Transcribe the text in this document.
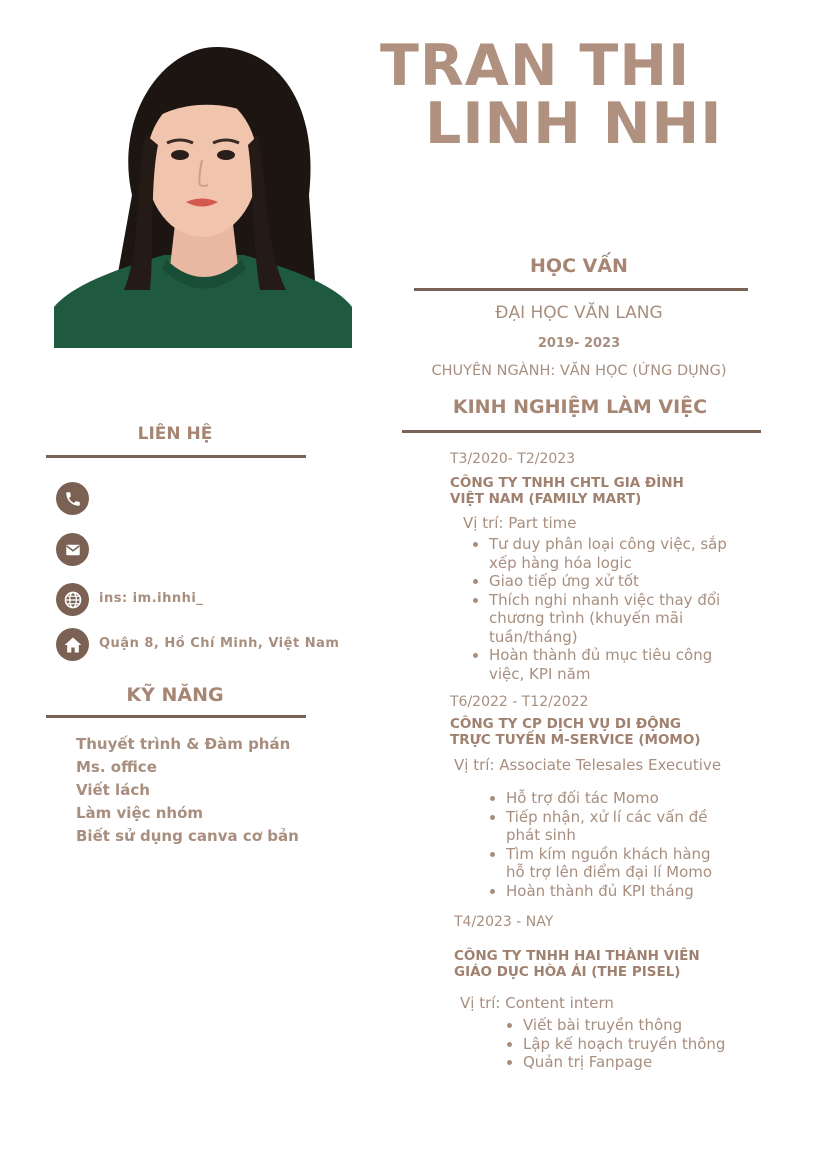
TRAN THI
LINH NHI
HỌC VẤN
ĐẠI HỌC VĂN LANG
2019- 2023
CHUYÊN NGÀNH: VĂN HỌC (ỨNG DỤNG)
KINH NGHIỆM LÀM VIỆC
LIÊN HỆ
ins: im.ihnhi_
Quận 8, Hồ Chí Minh, Việt Nam
KỸ NĂNG
Thuyết trình & Đàm phán
Ms. office
Viết lách
Làm việc nhóm
Biết sử dụng canva cơ bản
T3/2020- T2/2023
CÔNG TY TNHH CHTL GIA ĐÌNH
VIỆT NAM (FAMILY MART)
Vị trí: Part time
• Tư duy phân loại công việc, sắp
xếp hàng hóa logic
• Giao tiếp ứng xử tốt
• Thích nghi nhanh việc thay đổi
chương trình (khuyến mãi
tuần/tháng)
• Hoàn thành đủ mục tiêu công
việc, KPI năm
T6/2022 - T12/2022
CÔNG TY CP DỊCH VỤ DI ĐỘNG
TRỰC TUYẾN M-SERVICE (MOMO)
Vị trí: Associate Telesales Executive
• Hỗ trợ đối tác Momo
• Tiếp nhận, xử lí các vấn đề
phát sinh
• Tìm kím nguồn khách hàng
hỗ trợ lên điểm đại lí Momo
• Hoàn thành đủ KPI tháng
T4/2023 - NAY
CÔNG TY TNHH HAI THÀNH VIÊN
GIÁO DỤC HÒA ÁI (THE PISEL)
Vị trí: Content intern
• Viết bài truyền thông
• Lập kế hoạch truyền thông
• Quản trị Fanpage
